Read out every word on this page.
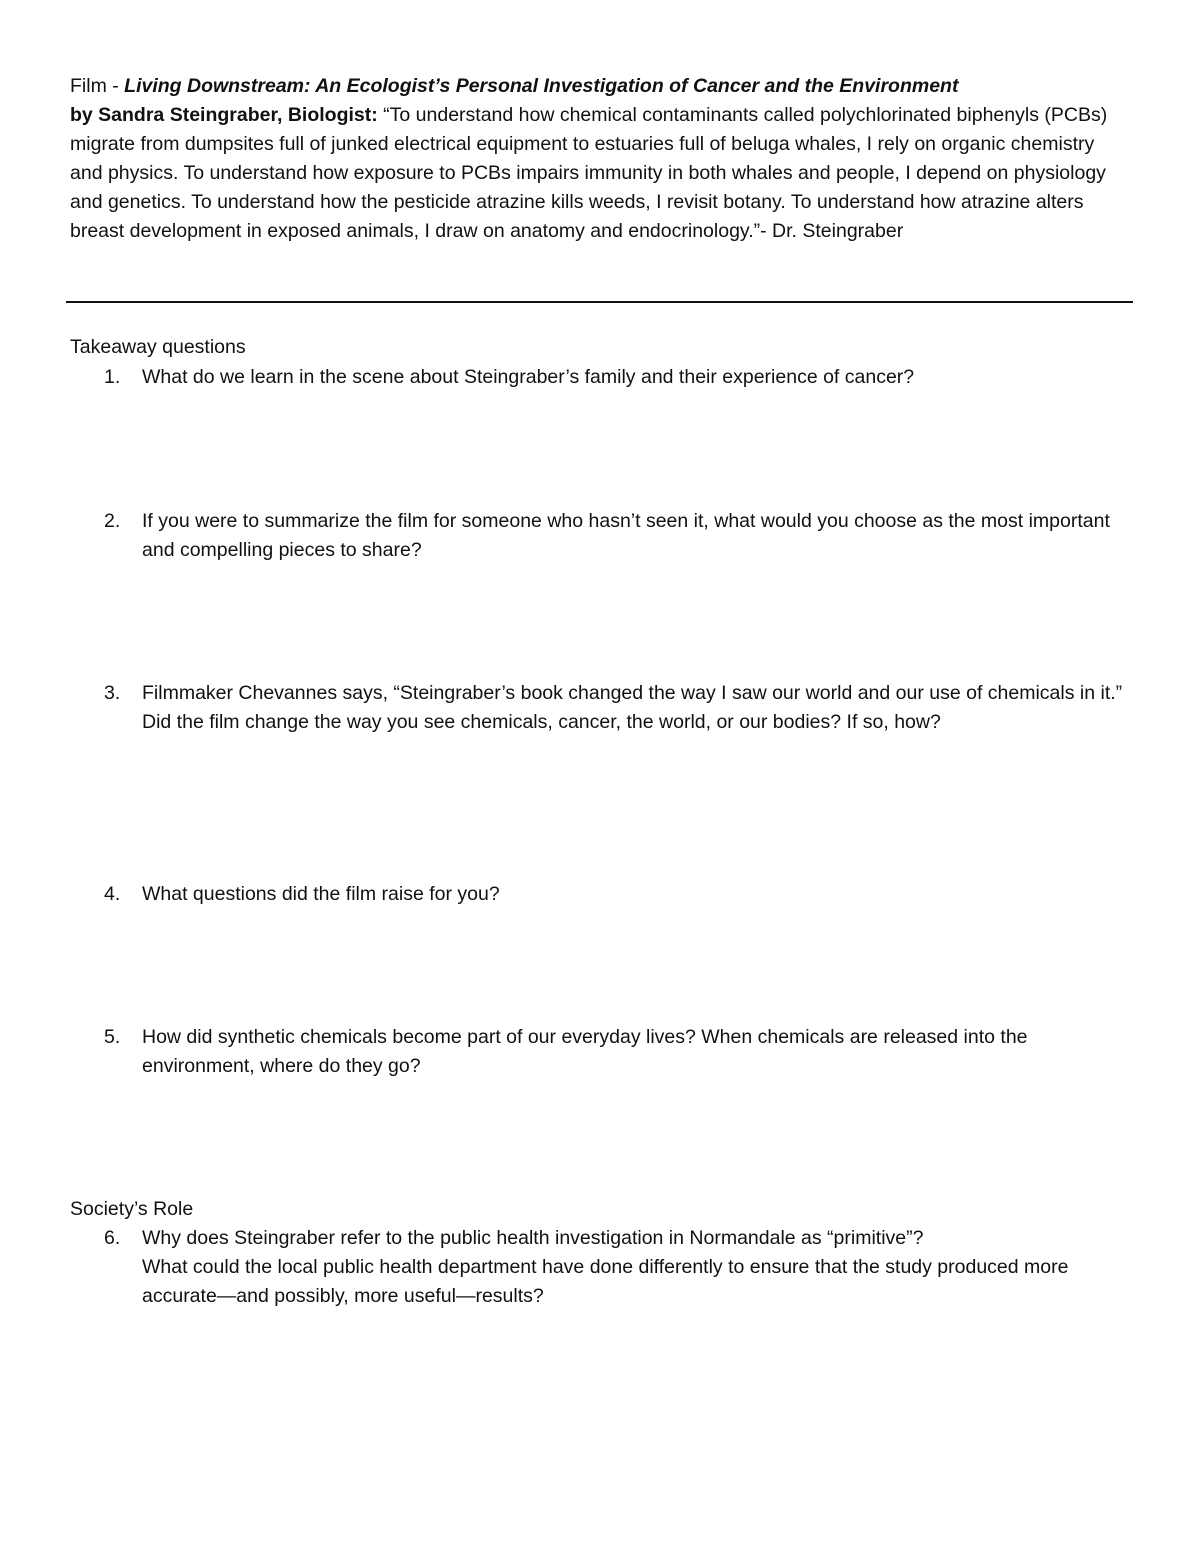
Film - Living Downstream: An Ecologist’s Personal Investigation of Cancer and the Environment
by Sandra Steingraber, Biologist: “To understand how chemical contaminants called polychlorinated biphenyls (PCBs) migrate from dumpsites full of junked electrical equipment to estuaries full of beluga whales, I rely on organic chemistry and physics. To understand how exposure to PCBs impairs immunity in both whales and people, I depend on physiology and genetics. To understand how the pesticide atrazine kills weeds, I revisit botany. To understand how atrazine alters breast development in exposed animals, I draw on anatomy and endocrinology.”- Dr. Steingraber

Takeaway questions

1.	What do we learn in the scene about Steingraber’s family and their experience of cancer?
2.	If you were to summarize the film for someone who hasn’t seen it, what would you choose as the most important and compelling pieces to share?
3.	Filmmaker Chevannes says, “Steingraber’s book changed the way I saw our world and our use of chemicals in it.” Did the film change the way you see chemicals, cancer, the world, or our bodies? If so, how?
4.	What questions did the film raise for you?
5.	How did synthetic chemicals become part of our everyday lives? When chemicals are released into the environment, where do they go?

Society’s Role

6.	Why does Steingraber refer to the public health investigation in Normandale as “primitive”?
What could the local public health department have done differently to ensure that the study produced more accurate—and possibly, more useful—results?
